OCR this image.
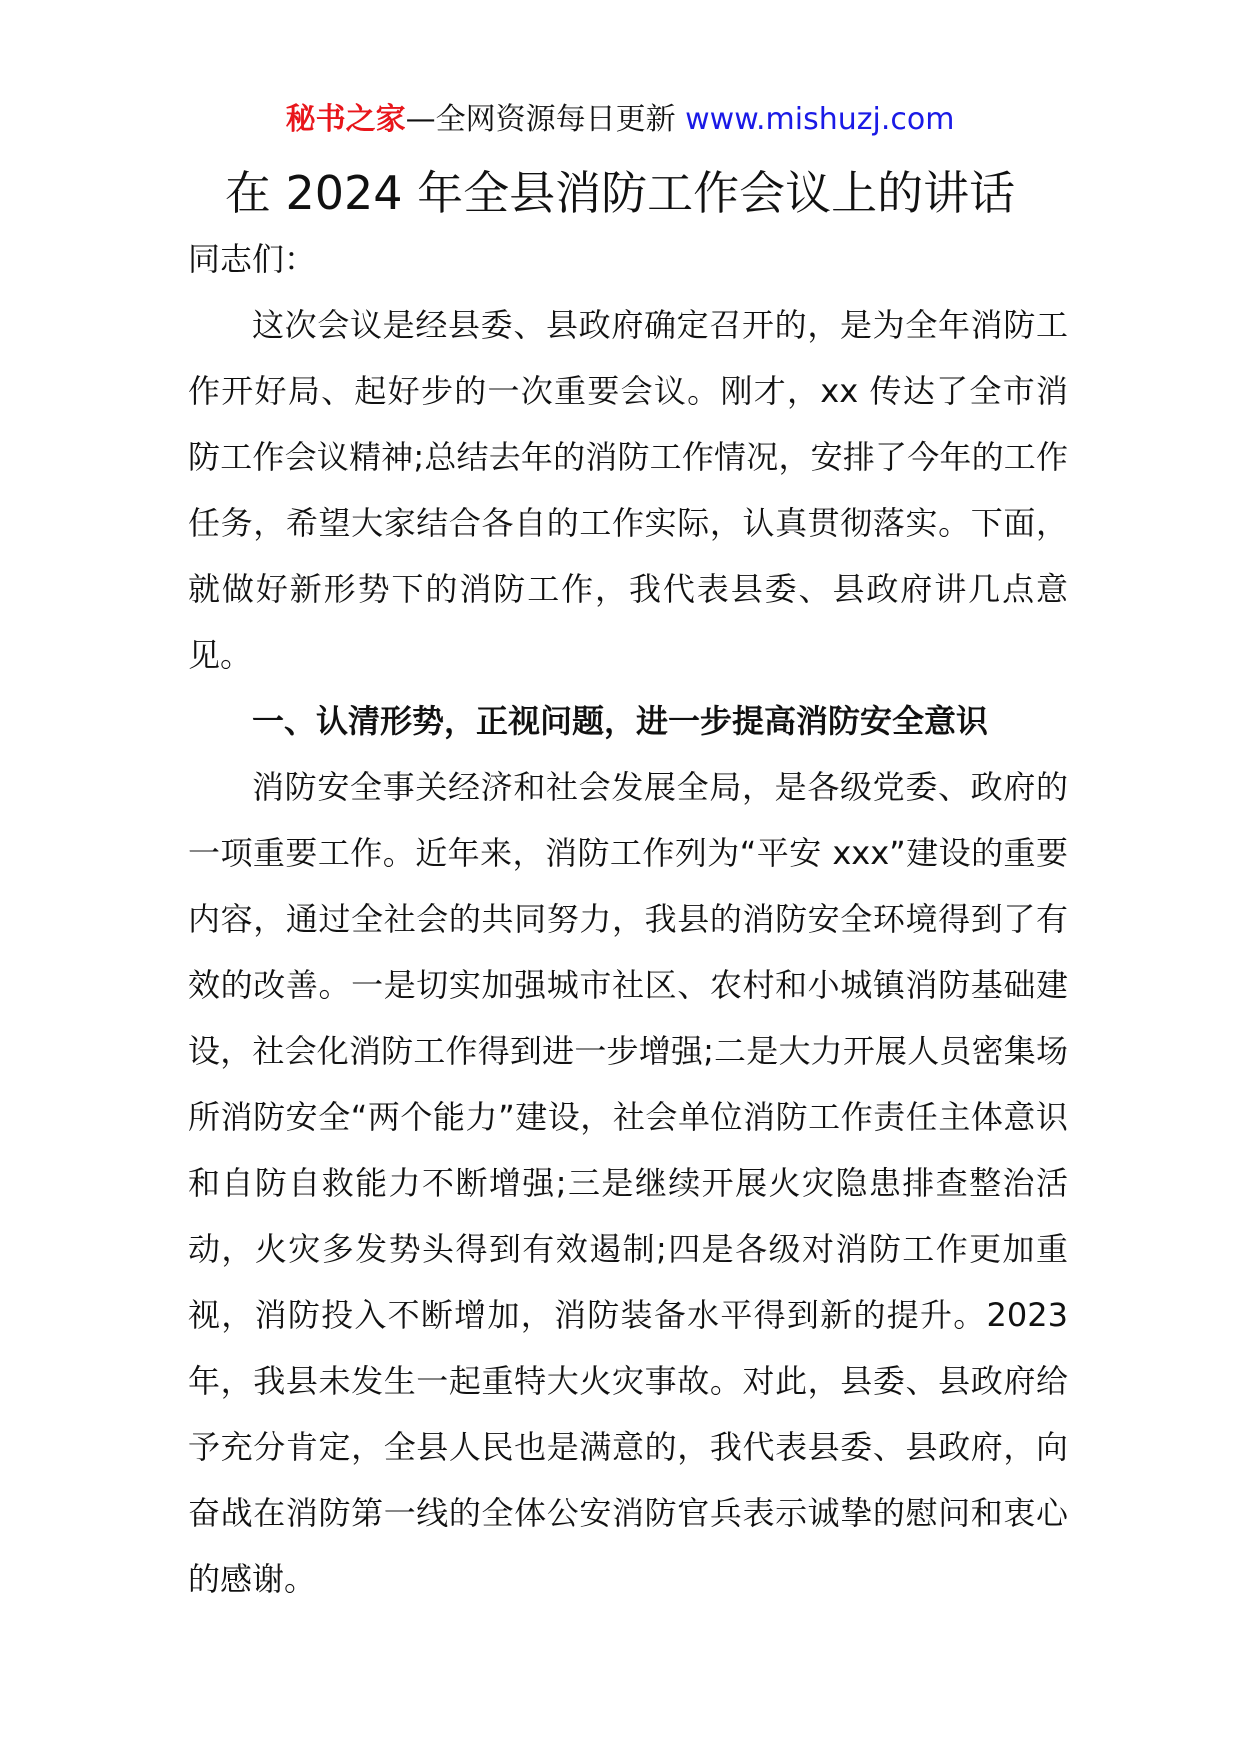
秘书之家—全网资源每日更新 www.mishuzj.com
在 2024 年全县消防工作会议上的讲话

同志们：

这次会议是经县委、县政府确定召开的，是为全年消防工作开好局、起好步的一次重要会议。刚才，xx 传达了全市消防工作会议精神;总结去年的消防工作情况，安排了今年的工作任务，希望大家结合各自的工作实际，认真贯彻落实。下面，就做好新形势下的消防工作，我代表县委、县政府讲几点意见。

一、认清形势，正视问题，进一步提高消防安全意识

消防安全事关经济和社会发展全局，是各级党委、政府的一项重要工作。近年来，消防工作列为“平安 xxx”建设的重要内容，通过全社会的共同努力，我县的消防安全环境得到了有效的改善。一是切实加强城市社区、农村和小城镇消防基础建设，社会化消防工作得到进一步增强;二是大力开展人员密集场所消防安全“两个能力”建设，社会单位消防工作责任主体意识和自防自救能力不断增强;三是继续开展火灾隐患排查整治活动，火灾多发势头得到有效遏制;四是各级对消防工作更加重视，消防投入不断增加，消防装备水平得到新的提升。2023 年，我县未发生一起重特大火灾事故。对此，县委、县政府给予充分肯定，全县人民也是满意的，我代表县委、县政府，向奋战在消防第一线的全体公安消防官兵表示诚挚的慰问和衷心的感谢。
